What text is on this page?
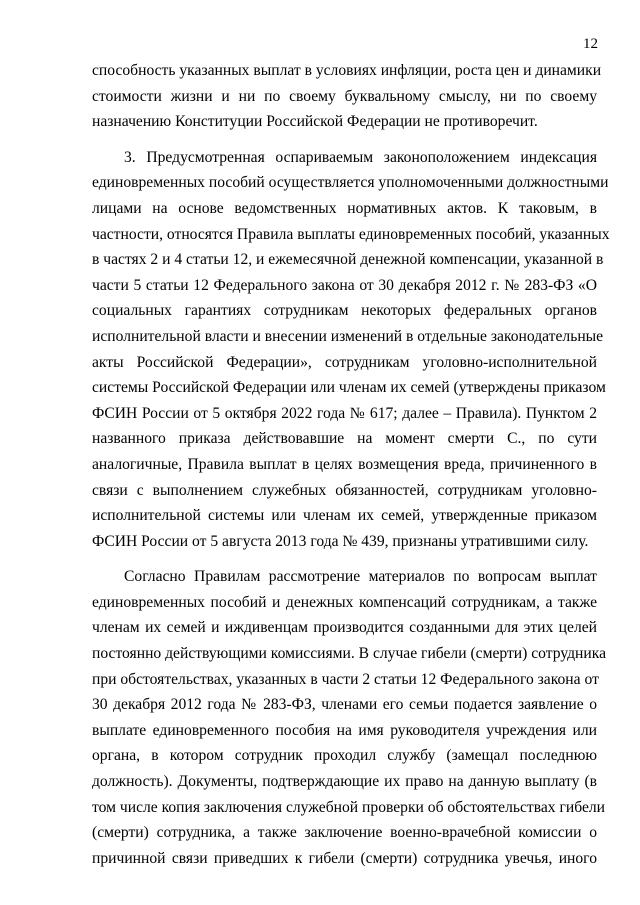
12
способность указанных выплат в условиях инфляции, роста цен и динамики
стоимости жизни и ни по своему буквальному смыслу, ни по своему
назначению Конституции Российской Федерации не противоречит.
3. Предусмотренная оспариваемым законоположением индексация
единовременных пособий осуществляется уполномоченными должностными
лицами на основе ведомственных нормативных актов. К таковым, в
частности, относятся Правила выплаты единовременных пособий, указанных
в частях 2 и 4 статьи 12, и ежемесячной денежной компенсации, указанной в
части 5 статьи 12 Федерального закона от 30 декабря 2012 г. № 283-ФЗ «О
социальных гарантиях сотрудникам некоторых федеральных органов
исполнительной власти и внесении изменений в отдельные законодательные
акты Российской Федерации», сотрудникам уголовно-исполнительной
системы Российской Федерации или членам их семей (утверждены приказом
ФСИН России от 5 октября 2022 года № 617; далее – Правила). Пунктом 2
названного приказа действовавшие на момент смерти С., по сути
аналогичные, Правила выплат в целях возмещения вреда, причиненного в
связи с выполнением служебных обязанностей, сотрудникам уголовно-
исполнительной системы или членам их семей, утвержденные приказом
ФСИН России от 5 августа 2013 года № 439, признаны утратившими силу.
Согласно Правилам рассмотрение материалов по вопросам выплат
единовременных пособий и денежных компенсаций сотрудникам, а также
членам их семей и иждивенцам производится созданными для этих целей
постоянно действующими комиссиями. В случае гибели (смерти) сотрудника
при обстоятельствах, указанных в части 2 статьи 12 Федерального закона от
30 декабря 2012 года № 283-ФЗ, членами его семьи подается заявление о
выплате единовременного пособия на имя руководителя учреждения или
органа, в котором сотрудник проходил службу (замещал последнюю
должность). Документы, подтверждающие их право на данную выплату (в
том числе копия заключения служебной проверки об обстоятельствах гибели
(смерти) сотрудника, а также заключение военно-врачебной комиссии о
причинной связи приведших к гибели (смерти) сотрудника увечья, иного
